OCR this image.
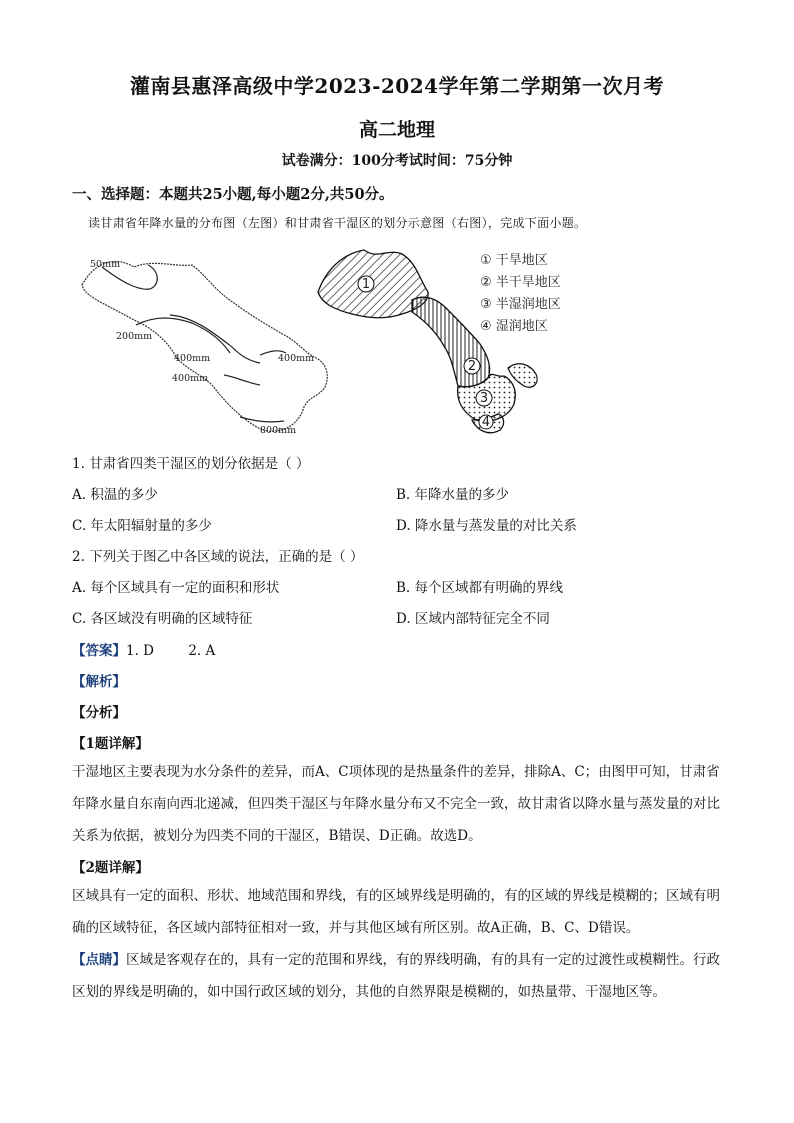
灌南县惠泽高级中学2023-2024学年第二学期第一次月考
高二地理
试卷满分：100分考试时间：75分钟
一、选择题：本题共25小题,每小题2分,共50分。
读甘肃省年降水量的分布图（左图）和甘肃省干湿区的划分示意图（右图），完成下面小题。
50mm
200mm
400mm
400mm
400mm
800mm
1
2
3
4
① 干旱地区
② 半干旱地区
③ 半湿润地区
④ 湿润地区
1. 甘肃省四类干湿区的划分依据是（ ）
A. 积温的多少	B. 年降水量的多少
C. 年太阳辐射量的多少	D. 降水量与蒸发量的对比关系
2. 下列关于图乙中各区域的说法，正确的是（ ）
A. 每个区域具有一定的面积和形状	B. 每个区域都有明确的界线
C. 各区域没有明确的区域特征	D. 区域内部特征完全不同
【答案】1. D        2. A
【解析】
【分析】
【1题详解】
干湿地区主要表现为水分条件的差异，而A、C项体现的是热量条件的差异，排除A、C；由图甲可知，甘肃省年降水量自东南向西北递减，但四类干湿区与年降水量分布又不完全一致，故甘肃省以降水量与蒸发量的对比关系为依据，被划分为四类不同的干湿区，B错误、D正确。故选D。
【2题详解】
区域具有一定的面积、形状、地域范围和界线，有的区域界线是明确的，有的区域的界线是模糊的；区域有明确的区域特征，各区域内部特征相对一致，并与其他区域有所区别。故A正确，B、C、D错误。
【点睛】区域是客观存在的，具有一定的范围和界线，有的界线明确，有的具有一定的过渡性或模糊性。行政区划的界线是明确的，如中国行政区域的划分，其他的自然界限是模糊的，如热量带、干湿地区等。
